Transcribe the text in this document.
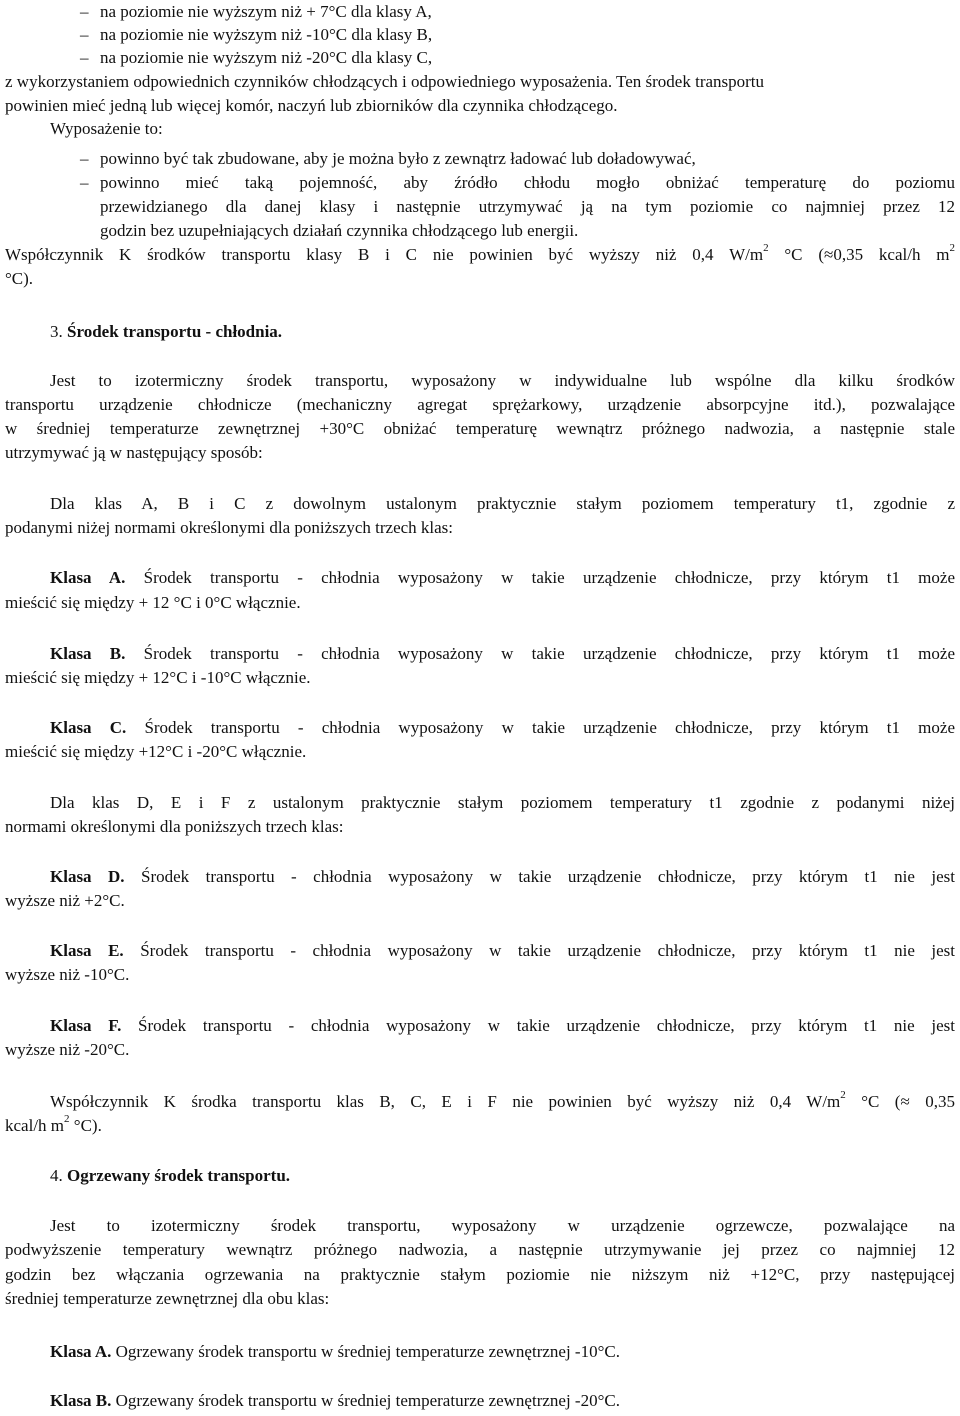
– na poziomie nie wyższym niż + 7°C dla klasy A,
– na poziomie nie wyższym niż -10°C dla klasy B,
– na poziomie nie wyższym niż -20°C dla klasy C,
z wykorzystaniem odpowiednich czynników chłodzących i odpowiedniego wyposażenia. Ten środek transportu
powinien mieć jedną lub więcej komór, naczyń lub zbiorników dla czynnika chłodzącego.
Wyposażenie to:
– powinno być tak zbudowane, aby je można było z zewnątrz ładować lub doładowywać,
– powinno mieć taką pojemność, aby źródło chłodu mogło obniżać temperaturę do poziomu
przewidzianego dla danej klasy i następnie utrzymywać ją na tym poziomie co najmniej przez 12
godzin bez uzupełniających działań czynnika chłodzącego lub energii.
Współczynnik K środków transportu klasy B i C nie powinien być wyższy niż 0,4 $W/m^2$ °C (≈0,35 kcal/h $m^2$
°C).
3. Środek transportu - chłodnia.
Jest to izotermiczny środek transportu, wyposażony w indywidualne lub wspólne dla kilku środków
transportu urządzenie chłodnicze (mechaniczny agregat sprężarkowy, urządzenie absorpcyjne itd.), pozwalające
w średniej temperaturze zewnętrznej +30°C obniżać temperaturę wewnątrz próżnego nadwozia, a następnie stale
utrzymywać ją w następujący sposób:
Dla klas A, B i C z dowolnym ustalonym praktycznie stałym poziomem temperatury t1, zgodnie z
podanymi niżej normami określonymi dla poniższych trzech klas:
Klasa A. Środek transportu - chłodnia wyposażony w takie urządzenie chłodnicze, przy którym t1 może
mieścić się między + 12 °C i 0°C włącznie.
Klasa B. Środek transportu - chłodnia wyposażony w takie urządzenie chłodnicze, przy którym t1 może
mieścić się między + 12°C i -10°C włącznie.
Klasa C. Środek transportu - chłodnia wyposażony w takie urządzenie chłodnicze, przy którym t1 może
mieścić się między +12°C i -20°C włącznie.
Dla klas D, E i F z ustalonym praktycznie stałym poziomem temperatury t1 zgodnie z podanymi niżej
normami określonymi dla poniższych trzech klas:
Klasa D. Środek transportu - chłodnia wyposażony w takie urządzenie chłodnicze, przy którym t1 nie jest
wyższe niż +2°C.
Klasa E. Środek transportu - chłodnia wyposażony w takie urządzenie chłodnicze, przy którym t1 nie jest
wyższe niż -10°C.
Klasa F. Środek transportu - chłodnia wyposażony w takie urządzenie chłodnicze, przy którym t1 nie jest
wyższe niż -20°C.
Współczynnik K środka transportu klas B, C, E i F nie powinien być wyższy niż 0,4 $W/m^2$ °C (≈ 0,35
kcal/h $m^2$ °C).
4. Ogrzewany środek transportu.
Jest to izotermiczny środek transportu, wyposażony w urządzenie ogrzewcze, pozwalające na
podwyższenie temperatury wewnątrz próżnego nadwozia, a następnie utrzymywanie jej przez co najmniej 12
godzin bez włączania ogrzewania na praktycznie stałym poziomie nie niższym niż +12°C, przy następującej
średniej temperaturze zewnętrznej dla obu klas:
Klasa A. Ogrzewany środek transportu w średniej temperaturze zewnętrznej -10°C.
Klasa B. Ogrzewany środek transportu w średniej temperaturze zewnętrznej -20°C.
